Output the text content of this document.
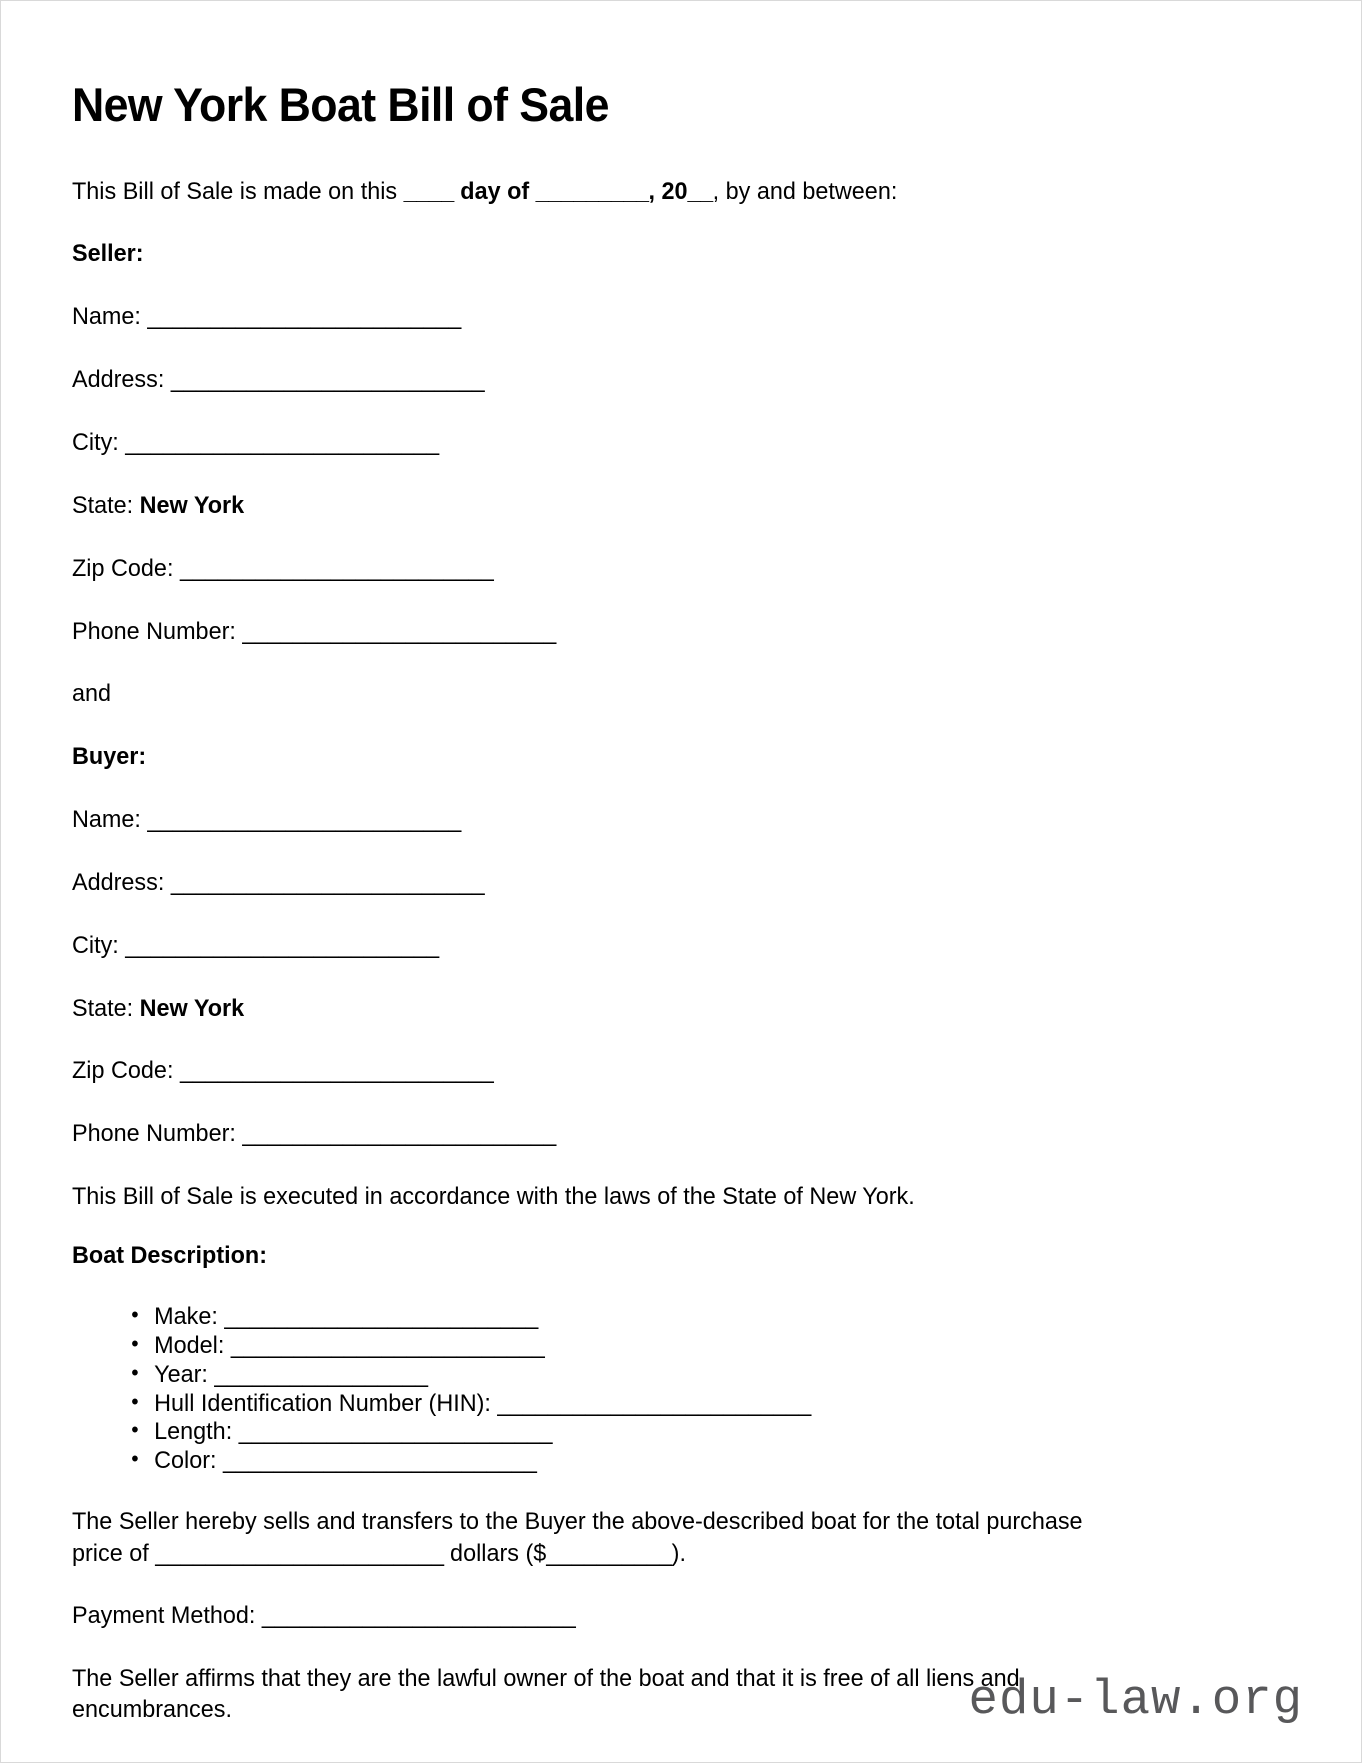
New York Boat Bill of Sale

This Bill of Sale is made on this ____ day of _________, 20__, by and between:

Seller:
Name: _________________________
Address: _________________________
City: _________________________
State: New York
Zip Code: _________________________
Phone Number: _________________________

and

Buyer:
Name: _________________________
Address: _________________________
City: _________________________
State: New York
Zip Code: _________________________
Phone Number: _________________________

This Bill of Sale is executed in accordance with the laws of the State of New York.

Boat Description:
• Make: _________________________
• Model: _________________________
• Year: _________________
• Hull Identification Number (HIN): _________________________
• Length: _________________________
• Color: _________________________

The Seller hereby sells and transfers to the Buyer the above-described boat for the total purchase price of _______________________ dollars ($__________).

Payment Method: _________________________

The Seller affirms that they are the lawful owner of the boat and that it is free of all liens and encumbrances.	edu-law.org
